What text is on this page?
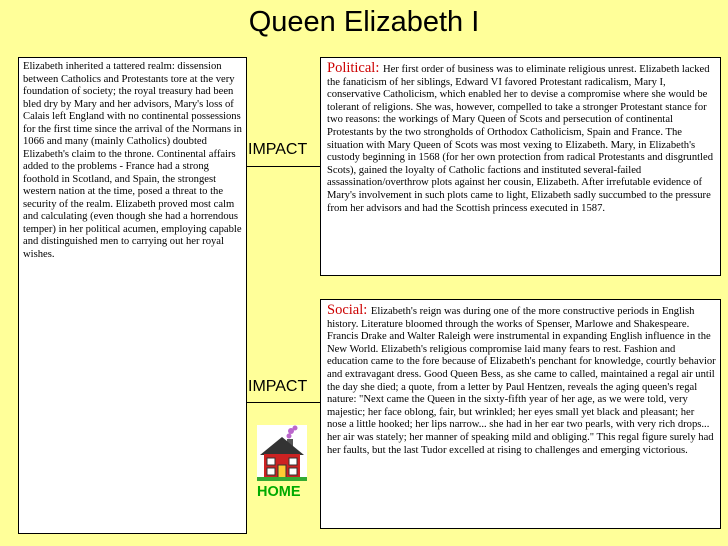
Queen Elizabeth I
Elizabeth inherited a tattered realm: dissension between Catholics and Protestants tore at the very foundation of society; the royal treasury had been bled dry by Mary and her advisors, Mary's loss of Calais left England with no continental possessions for the first time since the arrival of the Normans in 1066 and many (mainly Catholics) doubted Elizabeth's claim to the throne. Continental affairs added to the problems - France had a strong foothold in Scotland, and Spain, the strongest western nation at the time, posed a threat to the security of the realm. Elizabeth proved most calm and calculating (even though she had a horrendous temper) in her political acumen, employing capable and distinguished men to carrying out her royal wishes.
IMPACT
Political: Her first order of business was to eliminate religious unrest. Elizabeth lacked the fanaticism of her siblings, Edward VI favored Protestant radicalism, Mary I, conservative Catholicism, which enabled her to devise a compromise where she would be tolerant of religions. She was, however, compelled to take a stronger Protestant stance for two reasons: the workings of Mary Queen of Scots and persecution of continental Protestants by the two strongholds of Orthodox Catholicism, Spain and France. The situation with Mary Queen of Scots was most vexing to Elizabeth. Mary, in Elizabeth's custody beginning in 1568 (for her own protection from radical Protestants and disgruntled Scots), gained the loyalty of Catholic factions and instituted several-failed assassination/overthrow plots against her cousin, Elizabeth. After irrefutable evidence of Mary's involvement in such plots came to light, Elizabeth sadly succumbed to the pressure from her advisors and had the Scottish princess executed in 1587.
IMPACT
Social: Elizabeth's reign was during one of the more constructive periods in English history. Literature bloomed through the works of Spenser, Marlowe and Shakespeare. Francis Drake and Walter Raleigh were instrumental in expanding English influence in the New World. Elizabeth's religious compromise laid many fears to rest. Fashion and education came to the fore because of Elizabeth's penchant for knowledge, courtly behavior and extravagant dress. Good Queen Bess, as she came to called, maintained a regal air until the day she died; a quote, from a letter by Paul Hentzen, reveals the aging queen's regal nature: "Next came the Queen in the sixty-fifth year of her age, as we were told, very majestic; her face oblong, fair, but wrinkled; her eyes small yet black and pleasant; her nose a little hooked; her lips narrow... she had in her ear two pearls, with very rich drops... her air was stately; her manner of speaking mild and obliging." This regal figure surely had her faults, but the last Tudor excelled at rising to challenges and emerging victorious.
HOME
